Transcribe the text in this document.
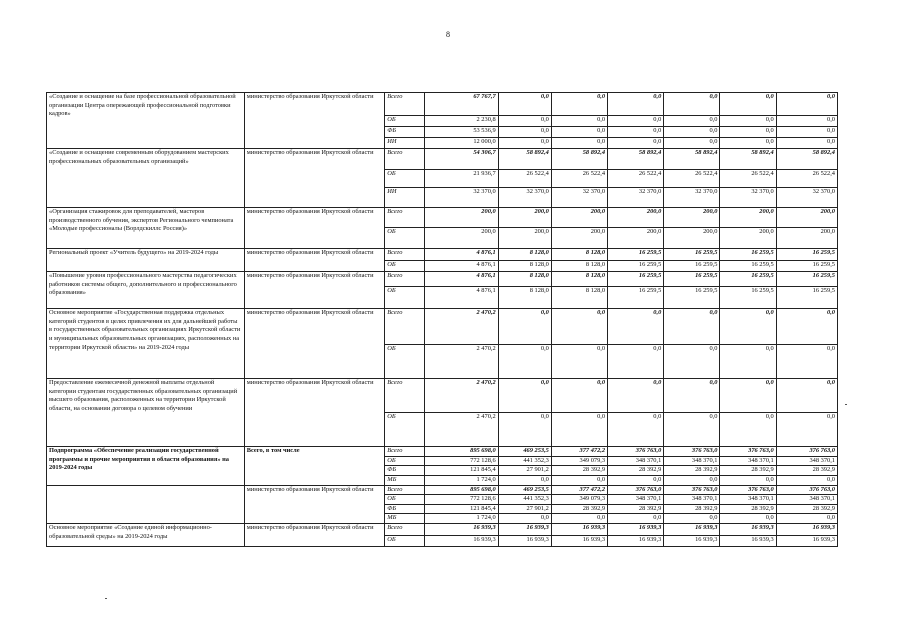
8
«Создание и оснащение на базе профессиональной образовательной организации Центра опережающей профессиональной подготовки кадров»	министерство образования Иркутской области	Всего	67 767,7	0,0	0,0	0,0	0,0	0,0	0,0
		ОБ	2 230,8	0,0	0,0	0,0	0,0	0,0	0,0
		ФБ	53 536,9	0,0	0,0	0,0	0,0	0,0	0,0
		ИИ	12 000,0	0,0	0,0	0,0	0,0	0,0	0,0
«Создание и оснащение современным оборудованием мастерских профессиональных образовательных организаций»	министерство образования Иркутской области	Всего	54 306,7	58 892,4	58 892,4	58 892,4	58 892,4	58 892,4	58 892,4
		ОБ	21 936,7	26 522,4	26 522,4	26 522,4	26 522,4	26 522,4	26 522,4
		ИИ	32 370,0	32 370,0	32 370,0	32 370,0	32 370,0	32 370,0	32 370,0
«Организация стажировок для преподавателей, мастеров производственного обучения, экспертов Регионального чемпионата «Молодые профессионалы (Ворлдскиллс Россия)»	министерство образования Иркутской области	Всего	200,0	200,0	200,0	200,0	200,0	200,0	200,0
		ОБ	200,0	200,0	200,0	200,0	200,0	200,0	200,0
Региональный проект «Учитель будущего» на 2019-2024 годы	министерство образования Иркутской области	Всего	4 876,1	8 128,0	8 128,0	16 259,5	16 259,5	16 259,5	16 259,5
		ОБ	4 876,1	8 128,0	8 128,0	16 259,5	16 259,5	16 259,5	16 259,5
«Повышение уровня профессионального мастерства педагогических работников системы общего, дополнительного и профессионального образования»	министерство образования Иркутской области	Всего	4 876,1	8 128,0	8 128,0	16 259,5	16 259,5	16 259,5	16 259,5
		ОБ	4 876,1	8 128,0	8 128,0	16 259,5	16 259,5	16 259,5	16 259,5
Основное мероприятие «Государственная поддержка отдельных категорий студентов в целях привлечения их для дальнейшей работы в государственных образовательных организациях Иркутской области и муниципальных образовательных организациях, расположенных на территории Иркутской области» на 2019-2024 годы	министерство образования Иркутской области	Всего	2 470,2	0,0	0,0	0,0	0,0	0,0	0,0
		ОБ	2 470,2	0,0	0,0	0,0	0,0	0,0	0,0
Предоставление ежемесячной денежной выплаты отдельной категории студентам государственных образовательных организаций высшего образования, расположенных на территории Иркутской области, на основании договора о целевом обучении	министерство образования Иркутской области	Всего	2 470,2	0,0	0,0	0,0	0,0	0,0	0,0
		ОБ	2 470,2	0,0	0,0	0,0	0,0	0,0	0,0
Подпрограмма «Обеспечение реализации государственной программы и прочие мероприятия в области образования» на 2019-2024 годы	Всего, в том числе	Всего	895 698,0	469 253,5	377 472,2	376 763,0	376 763,0	376 763,0	376 763,0
		ОБ	772 128,6	441 352,3	349 079,3	348 370,1	348 370,1	348 370,1	348 370,1
		ФБ	121 845,4	27 901,2	28 392,9	28 392,9	28 392,9	28 392,9	28 392,9
		МБ	1 724,0	0,0	0,0	0,0	0,0	0,0	0,0
	министерство образования Иркутской области	Всего	895 698,0	469 253,5	377 472,2	376 763,0	376 763,0	376 763,0	376 763,0
		ОБ	772 128,6	441 352,3	349 079,3	348 370,1	348 370,1	348 370,1	348 370,1
		ФБ	121 845,4	27 901,2	28 392,9	28 392,9	28 392,9	28 392,9	28 392,9
		МБ	1 724,0	0,0	0,0	0,0	0,0	0,0	0,0
Основное мероприятие «Создание единой информационно-образовательной среды» на 2019-2024 годы	министерство образования Иркутской области	Всего	16 939,3	16 939,3	16 939,3	16 939,3	16 939,3	16 939,3	16 939,3
		ОБ	16 939,3	16 939,3	16 939,3	16 939,3	16 939,3	16 939,3	16 939,3
